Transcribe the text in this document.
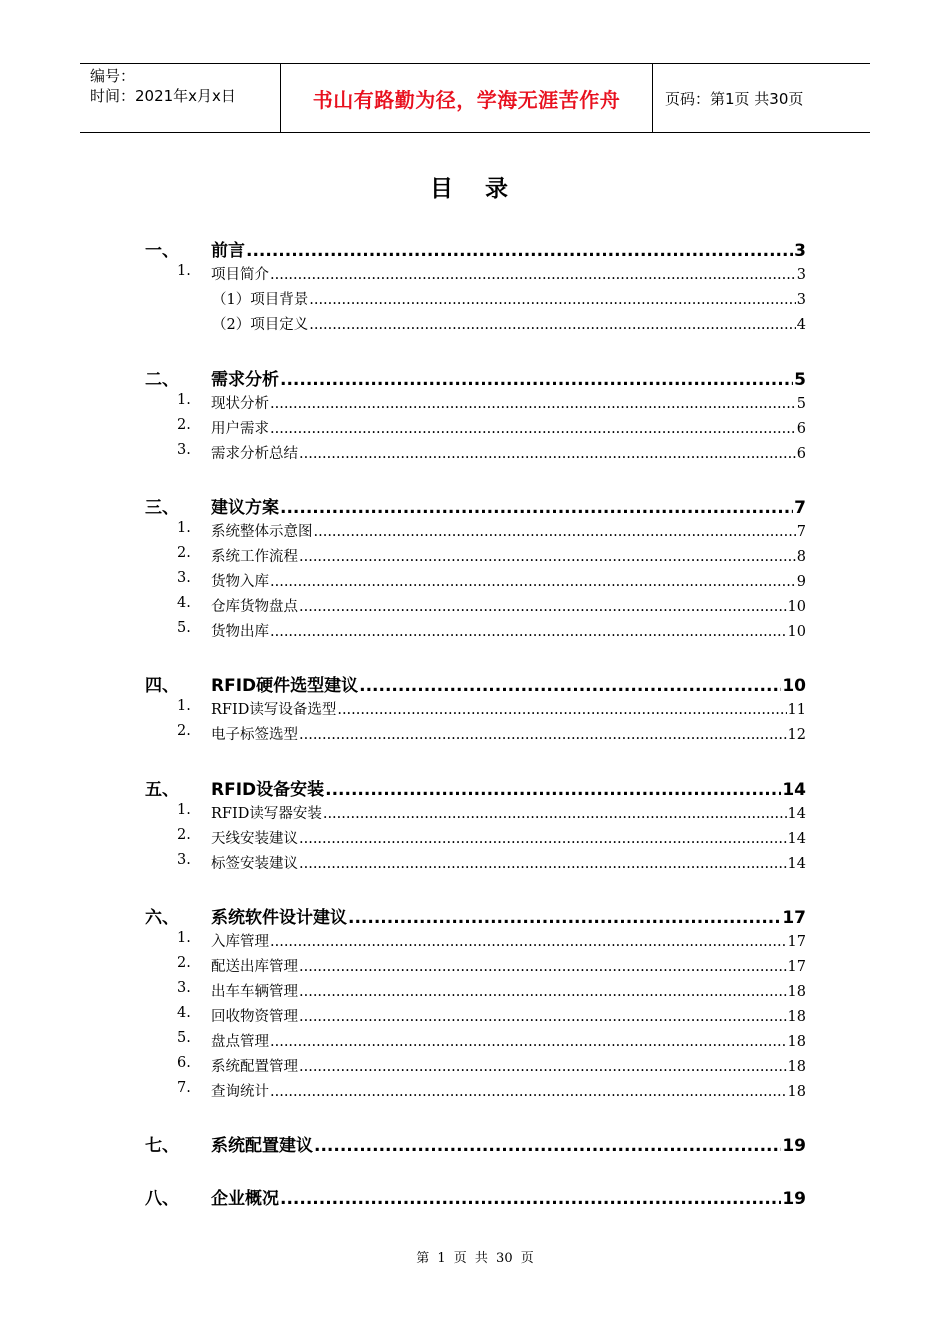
编号：
时间：2021年x月x日	书山有路勤为径，学海无涯苦作舟	页码：第1页 共30页
目 录
一、 前言 .....	3
1. 项目简介 .....	3
（1）项目背景 .....	3
（2）项目定义 .....	4
二、 需求分析 .....	5
1. 现状分析 .....	5
2. 用户需求 .....	6
3. 需求分析总结 .....	6
三、 建议方案 .....	7
1. 系统整体示意图 .....	7
2. 系统工作流程 .....	8
3. 货物入库 .....	9
4. 仓库货物盘点 .....	10
5. 货物出库 .....	10
四、 RFID硬件选型建议 .....	10
1. RFID读写设备选型 .....	11
2. 电子标签选型 .....	12
五、 RFID设备安装 .....	14
1. RFID读写器安装 .....	14
2. 天线安装建议 .....	14
3. 标签安装建议 .....	14
六、 系统软件设计建议 .....	17
1. 入库管理 .....	17
2. 配送出库管理 .....	17
3. 出车车辆管理 .....	18
4. 回收物资管理 .....	18
5. 盘点管理 .....	18
6. 系统配置管理 .....	18
7. 查询统计 .....	18
七、 系统配置建议 .....	19
八、 企业概况 .....	19
第 1 页 共 30 页
